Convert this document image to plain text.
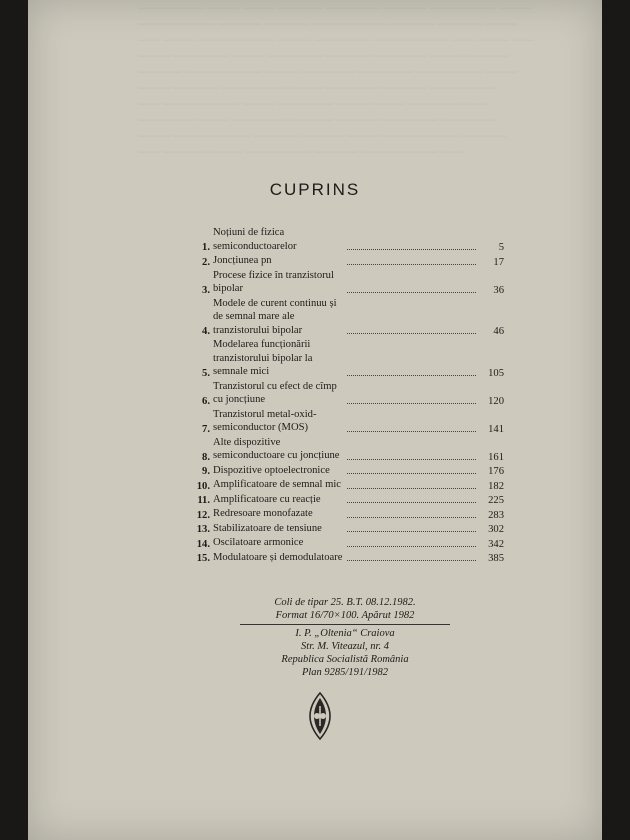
—————— ——— ——— ———— ————— ———— —————— ———
——————— ———— ———— ——————— ———— ———— ———
—— ——— ——————— ——— ————— ——————— —— ——— ——
——— ————— ——— ————— ———— ————— ——— ————
———— ——————— ——— ————— ————— —————— ———
——— ———— —————— ——— ————— ———— ——————
—— ——————— ——— ————— ——— ——— ————— ——
————— ——— ————— ———— ———— ————— —————
——— ——————— ———— ———— ——— ——————— ————
—— ———— ——— —————— ———— ——————— ——
CUPRINS
1.
Noțiuni de fizica semiconductoarelor	5
2. Joncțiunea pn	17
3.
Procese fizice în tranzistorul bipolar	36
4.
Modele de curent continuu și de semnal mare ale tranzistorului bipolar	46
5.
Modelarea funcționării tranzistorului bipolar la semnale mici	105
6.
Tranzistorul cu efect de cîmp cu joncțiune	120
7.
Tranzistorul metal-oxid-semiconductor (MOS)	141
8.
Alte dispozitive semiconductoare cu joncțiune	161
9. Dispozitive optoelectronice	176
10. Amplificatoare de semnal mic	182
11. Amplificatoare cu reacție	225
12. Redresoare monofazate	283
13. Stabilizatoare de tensiune	302
14. Oscilatoare armonice	342
15. Modulatoare și demodulatoare	385
Coli de tipar 25. B.T. 08.12.1982.
Format 16/70×100. Apărut 1982
I. P. „Oltenia“ Craiova
Str. M. Viteazul, nr. 4
Republica Socialistă România
Plan 9285/191/1982
